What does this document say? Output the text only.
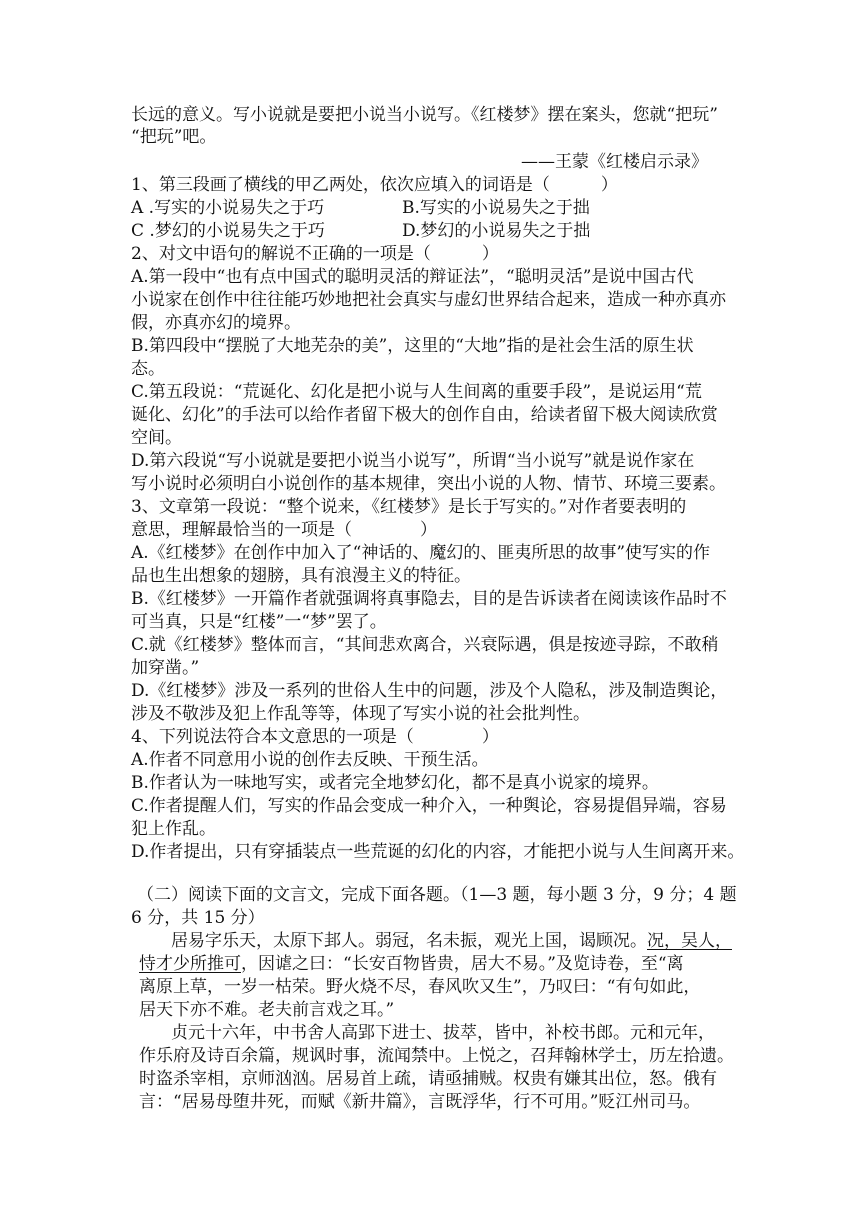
长远的意义。写小说就是要把小说当小说写。《红楼梦》摆在案头，您就“把玩”
“把玩”吧。
——王蒙《红楼启示录》
1、第三段画了横线的甲乙两处，依次应填入的词语是（　　　）
A .写实的小说易失之于巧	B.写实的小说易失之于拙
C .梦幻的小说易失之于巧	D.梦幻的小说易失之于拙
2、对文中语句的解说不正确的一项是（　　　）
A.第一段中“也有点中国式的聪明灵活的辩证法”，“聪明灵活”是说中国古代
小说家在创作中往往能巧妙地把社会真实与虚幻世界结合起来，造成一种亦真亦
假，亦真亦幻的境界。
B.第四段中“摆脱了大地芜杂的美”，这里的“大地”指的是社会生活的原生状
态。
C.第五段说：“荒诞化、幻化是把小说与人生间离的重要手段”，是说运用“荒
诞化、幻化”的手法可以给作者留下极大的创作自由，给读者留下极大阅读欣赏
空间。
D.第六段说“写小说就是要把小说当小说写”，所谓“当小说写”就是说作家在
写小说时必须明白小说创作的基本规律，突出小说的人物、情节、环境三要素。
3、文章第一段说：“整个说来，《红楼梦》是长于写实的。”对作者要表明的
意思，理解最恰当的一项是（　　　　）
A.《红楼梦》在创作中加入了“神话的、魔幻的、匪夷所思的故事”使写实的作
品也生出想象的翅膀，具有浪漫主义的特征。
B.《红楼梦》一开篇作者就强调将真事隐去，目的是告诉读者在阅读该作品时不
可当真，只是“红楼”一“梦”罢了。
C.就《红楼梦》整体而言，“其间悲欢离合，兴衰际遇，俱是按迹寻踪，不敢稍
加穿凿。”
D.《红楼梦》涉及一系列的世俗人生中的问题，涉及个人隐私，涉及制造舆论，
涉及不敬涉及犯上作乱等等，体现了写实小说的社会批判性。
4、下列说法符合本文意思的一项是（　　　　）
A.作者不同意用小说的创作去反映、干预生活。
B.作者认为一味地写实，或者完全地梦幻化，都不是真小说家的境界。
C.作者提醒人们，写实的作品会变成一种介入，一种舆论，容易提倡异端，容易
犯上作乱。
D.作者提出，只有穿插装点一些荒诞的幻化的内容，才能把小说与人生间离开来。
（二）阅读下面的文言文，完成下面各题。（1—3 题，每小题 3 分，9 分；4 题
6 分，共 15 分）
居易字乐天，太原下邽人。弱冠，名未振，观光上国，谒顾况。况，吴人，
恃才少所推可，因谑之曰：“长安百物皆贵，居大不易。”及览诗卷，至“离
离原上草，一岁一枯荣。野火烧不尽，春风吹又生”，乃叹曰：“有句如此，
居天下亦不难。老夫前言戏之耳。”
贞元十六年，中书舍人高郢下进士、拔萃，皆中，补校书郎。元和元年，
作乐府及诗百余篇，规讽时事，流闻禁中。上悦之，召拜翰林学士，历左拾遗。
时盗杀宰相，京师汹汹。居易首上疏，请亟捕贼。权贵有嫌其出位，怒。俄有
言：“居易母堕井死，而赋《新井篇》，言既浮华，行不可用。”贬江州司马。
